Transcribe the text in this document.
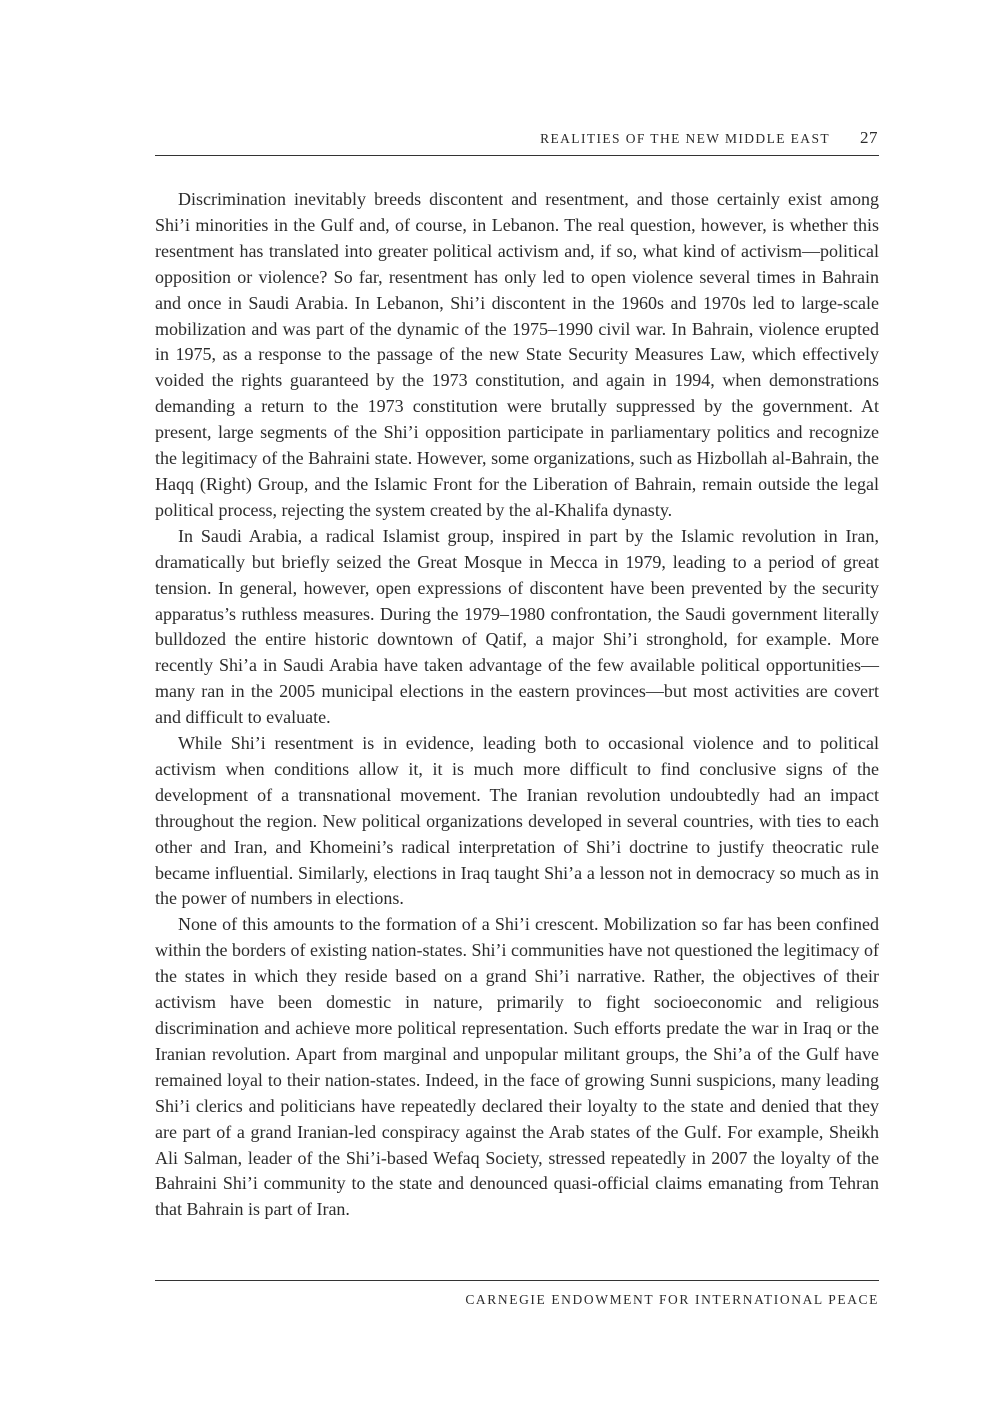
REALITIES OF THE NEW MIDDLE EAST 27

Discrimination inevitably breeds discontent and resentment, and those certainly exist among Shi’i minorities in the Gulf and, of course, in Lebanon. The real question, however, is whether this resentment has translated into greater political activism and, if so, what kind of activism—political opposition or violence? So far, resentment has only led to open violence several times in Bahrain and once in Saudi Arabia. In Lebanon, Shi’i discontent in the 1960s and 1970s led to large-scale mobilization and was part of the dynamic of the 1975–1990 civil war. In Bahrain, violence erupted in 1975, as a response to the passage of the new State Security Measures Law, which effectively voided the rights guaranteed by the 1973 constitution, and again in 1994, when demonstrations demanding a return to the 1973 constitution were brutally suppressed by the government. At present, large segments of the Shi’i opposition participate in parliamentary politics and recognize the legitimacy of the Bahraini state. However, some organizations, such as Hizbollah al-Bahrain, the Haqq (Right) Group, and the Islamic Front for the Liberation of Bahrain, remain outside the legal political process, rejecting the system created by the al-Khalifa dynasty.

In Saudi Arabia, a radical Islamist group, inspired in part by the Islamic revolution in Iran, dramatically but briefly seized the Great Mosque in Mecca in 1979, leading to a period of great tension. In general, however, open expressions of discontent have been prevented by the security apparatus’s ruthless measures. During the 1979–1980 confrontation, the Saudi government literally bulldozed the entire historic downtown of Qatif, a major Shi’i stronghold, for example. More recently Shi’a in Saudi Arabia have taken advantage of the few available political opportunities—many ran in the 2005 municipal elections in the eastern provinces—but most activities are covert and difficult to evaluate.

While Shi’i resentment is in evidence, leading both to occasional violence and to political activism when conditions allow it, it is much more difficult to find conclusive signs of the development of a transnational movement. The Iranian revolution undoubtedly had an impact throughout the region. New political organizations developed in several countries, with ties to each other and Iran, and Khomeini’s radical interpretation of Shi’i doctrine to justify theocratic rule became influential. Similarly, elections in Iraq taught Shi’a a lesson not in democracy so much as in the power of numbers in elections.

None of this amounts to the formation of a Shi’i crescent. Mobilization so far has been confined within the borders of existing nation-states. Shi’i communities have not questioned the legitimacy of the states in which they reside based on a grand Shi’i narrative. Rather, the objectives of their activism have been domestic in nature, primarily to fight socioeconomic and religious discrimination and achieve more political representation. Such efforts predate the war in Iraq or the Iranian revolution. Apart from marginal and unpopular militant groups, the Shi’a of the Gulf have remained loyal to their nation-states. Indeed, in the face of growing Sunni suspicions, many leading Shi’i clerics and politicians have repeatedly declared their loyalty to the state and denied that they are part of a grand Iranian-led conspiracy against the Arab states of the Gulf. For example, Sheikh Ali Salman, leader of the Shi’i-based Wefaq Society, stressed repeatedly in 2007 the loyalty of the Bahraini Shi’i community to the state and denounced quasi-official claims emanating from Tehran that Bahrain is part of Iran.

CARNEGIE ENDOWMENT FOR INTERNATIONAL PEACE
